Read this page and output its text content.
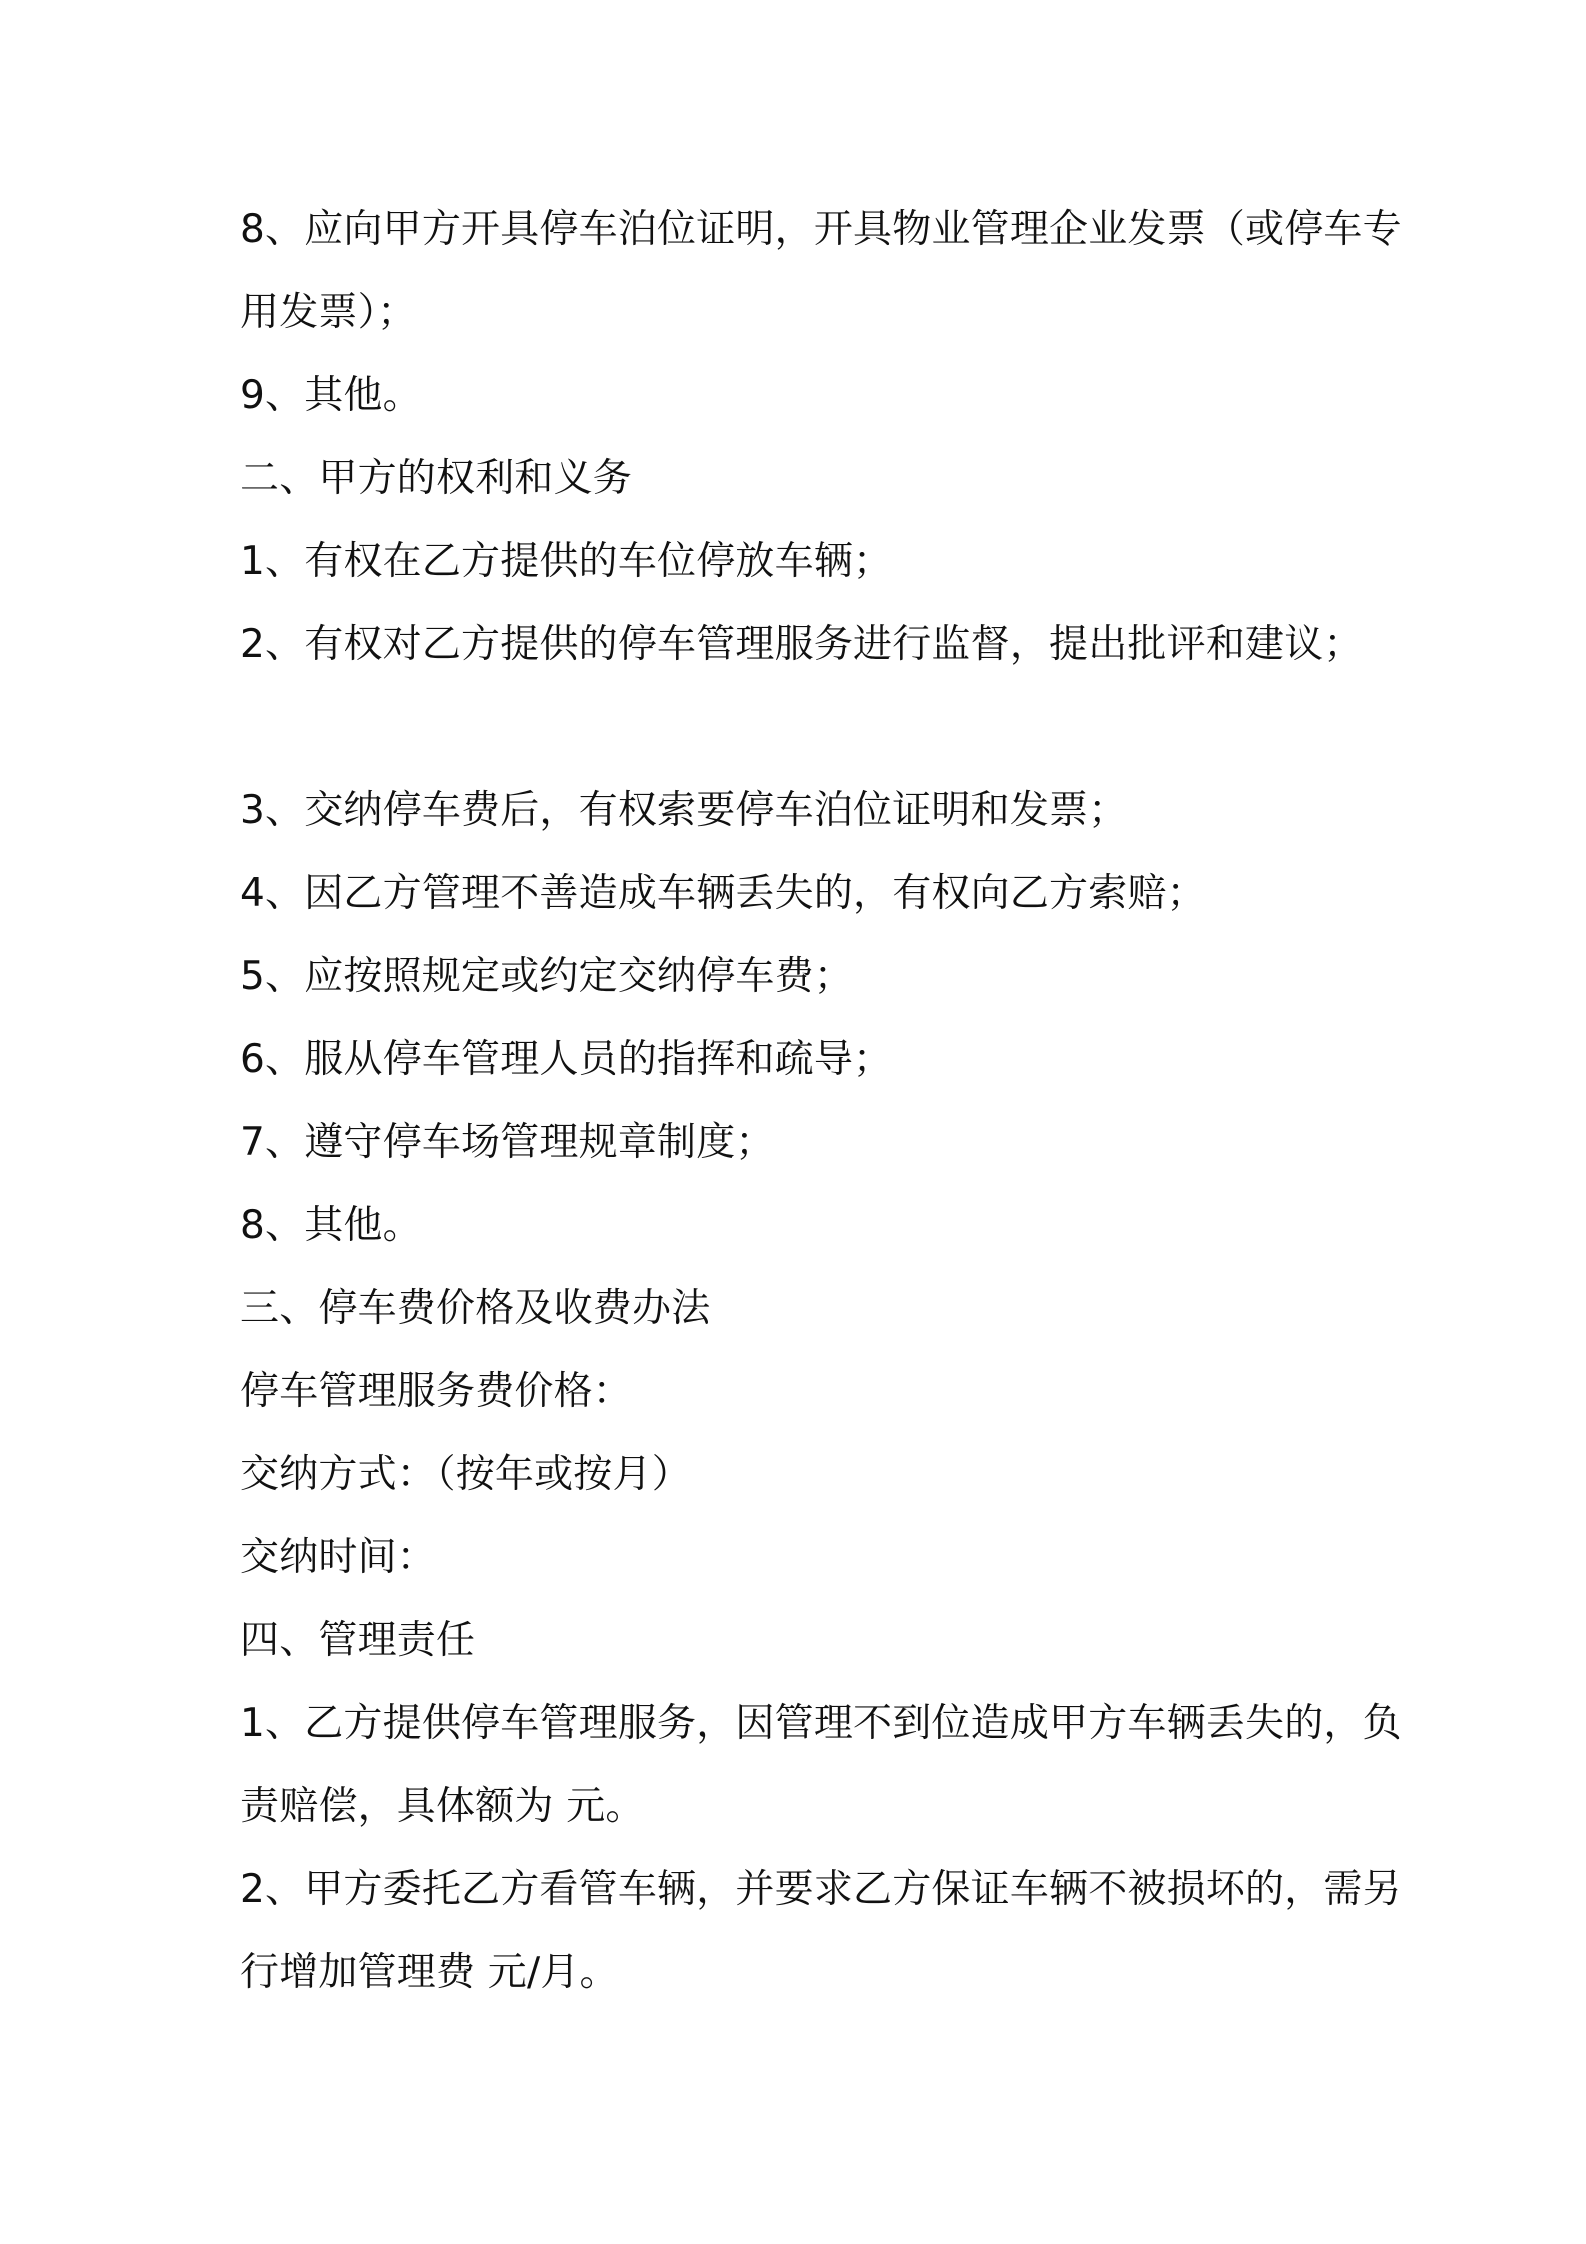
8、应向甲方开具停车泊位证明，开具物业管理企业发票（或停车专
用发票）；
9、其他。
二、甲方的权利和义务
1、有权在乙方提供的车位停放车辆；
2、有权对乙方提供的停车管理服务进行监督，提出批评和建议；
3、交纳停车费后，有权索要停车泊位证明和发票；
4、因乙方管理不善造成车辆丢失的，有权向乙方索赔；
5、应按照规定或约定交纳停车费；
6、服从停车管理人员的指挥和疏导；
7、遵守停车场管理规章制度；
8、其他。
三、停车费价格及收费办法
停车管理服务费价格：
交纳方式：（按年或按月）
交纳时间：
四、管理责任
1、乙方提供停车管理服务，因管理不到位造成甲方车辆丢失的，负
责赔偿，具体额为 元。
2、甲方委托乙方看管车辆，并要求乙方保证车辆不被损坏的，需另
行增加管理费 元/月。
